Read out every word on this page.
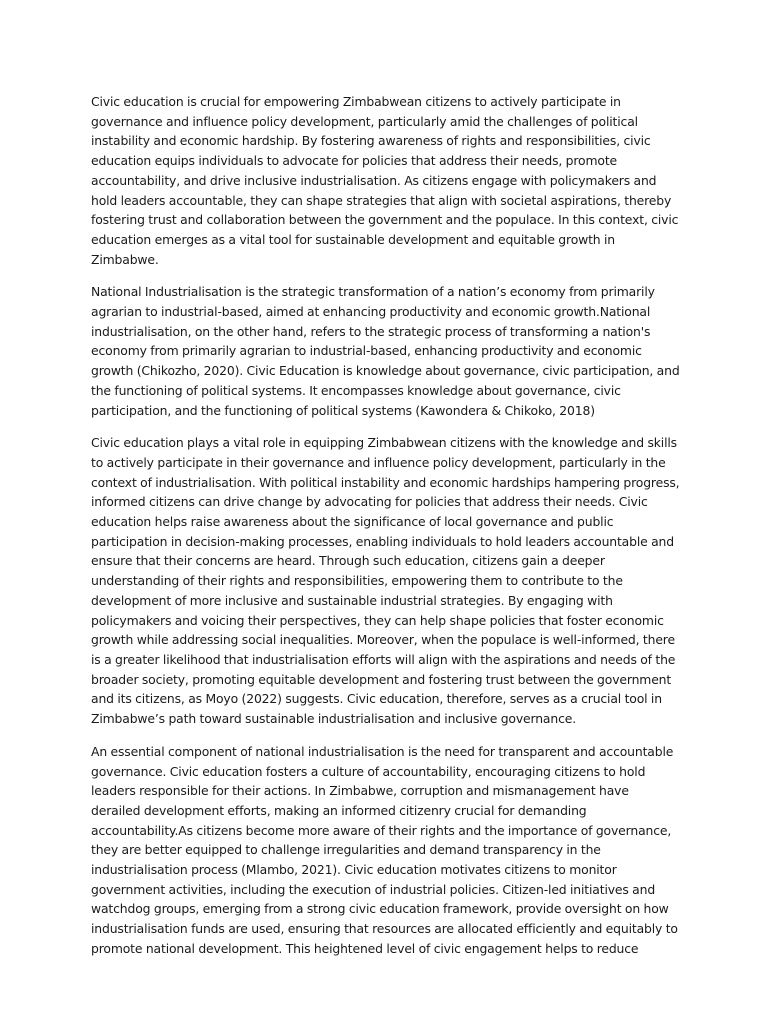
Civic education is crucial for empowering Zimbabwean citizens to actively participate in governance and influence policy development, particularly amid the challenges of political instability and economic hardship. By fostering awareness of rights and responsibilities, civic education equips individuals to advocate for policies that address their needs, promote accountability, and drive inclusive industrialisation. As citizens engage with policymakers and hold leaders accountable, they can shape strategies that align with societal aspirations, thereby fostering trust and collaboration between the government and the populace. In this context, civic education emerges as a vital tool for sustainable development and equitable growth in Zimbabwe.

National Industrialisation is the strategic transformation of a nation’s economy from primarily agrarian to industrial-based, aimed at enhancing productivity and economic growth.National industrialisation, on the other hand, refers to the strategic process of transforming a nation's economy from primarily agrarian to industrial-based, enhancing productivity and economic growth (Chikozho, 2020). Civic Education is knowledge about governance, civic participation, and the functioning of political systems. It encompasses knowledge about governance, civic participation, and the functioning of political systems (Kawondera & Chikoko, 2018)

Civic education plays a vital role in equipping Zimbabwean citizens with the knowledge and skills to actively participate in their governance and influence policy development, particularly in the context of industrialisation. With political instability and economic hardships hampering progress, informed citizens can drive change by advocating for policies that address their needs. Civic education helps raise awareness about the significance of local governance and public participation in decision-making processes, enabling individuals to hold leaders accountable and ensure that their concerns are heard. Through such education, citizens gain a deeper understanding of their rights and responsibilities, empowering them to contribute to the development of more inclusive and sustainable industrial strategies. By engaging with policymakers and voicing their perspectives, they can help shape policies that foster economic growth while addressing social inequalities. Moreover, when the populace is well-informed, there is a greater likelihood that industrialisation efforts will align with the aspirations and needs of the broader society, promoting equitable development and fostering trust between the government and its citizens, as Moyo (2022) suggests. Civic education, therefore, serves as a crucial tool in Zimbabwe’s path toward sustainable industrialisation and inclusive governance.

An essential component of national industrialisation is the need for transparent and accountable governance. Civic education fosters a culture of accountability, encouraging citizens to hold leaders responsible for their actions. In Zimbabwe, corruption and mismanagement have derailed development efforts, making an informed citizenry crucial for demanding accountability.As citizens become more aware of their rights and the importance of governance, they are better equipped to challenge irregularities and demand transparency in the industrialisation process (Mlambo, 2021). Civic education motivates citizens to monitor government activities, including the execution of industrial policies. Citizen-led initiatives and watchdog groups, emerging from a strong civic education framework, provide oversight on how industrialisation funds are used, ensuring that resources are allocated efficiently and equitably to promote national development. This heightened level of civic engagement helps to reduce
